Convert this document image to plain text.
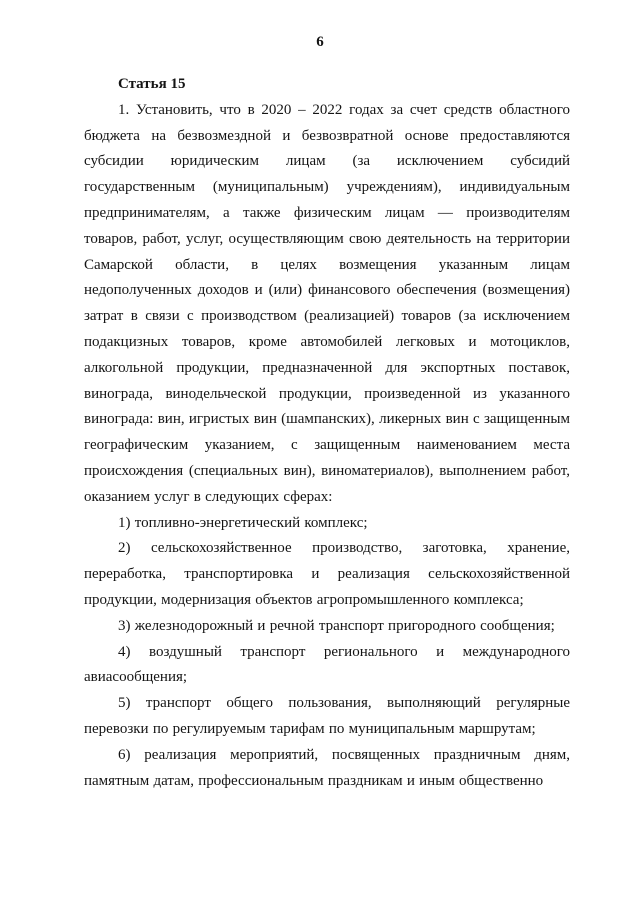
6

Статья 15

1. Установить, что в 2020 – 2022 годах за счет средств областного бюджета на безвозмездной и безвозвратной основе предоставляются субсидии юридическим лицам (за исключением субсидий государственным (муниципальным) учреждениям), индивидуальным предпринимателям, а также физическим лицам — производителям товаров, работ, услуг, осуществляющим свою деятельность на территории Самарской области, в целях возмещения указанным лицам недополученных доходов и (или) финансового обеспечения (возмещения) затрат в связи с производством (реализацией) товаров (за исключением подакцизных товаров, кроме автомобилей легковых и мотоциклов, алкогольной продукции, предназначенной для экспортных поставок, винограда, винодельческой продукции, произведенной из указанного винограда: вин, игристых вин (шампанских), ликерных вин с защищенным географическим указанием, с защищенным наименованием места происхождения (специальных вин), виноматериалов), выполнением работ, оказанием услуг в следующих сферах:

1) топливно-энергетический комплекс;

2) сельскохозяйственное производство, заготовка, хранение, переработка, транспортировка и реализация сельскохозяйственной продукции, модернизация объектов агропромышленного комплекса;

3) железнодорожный и речной транспорт пригородного сообщения;

4) воздушный транспорт регионального и международного авиасообщения;

5) транспорт общего пользования, выполняющий регулярные перевозки по регулируемым тарифам по муниципальным маршрутам;

6) реализация мероприятий, посвященных праздничным дням, памятным датам, профессиональным праздникам и иным общественно
